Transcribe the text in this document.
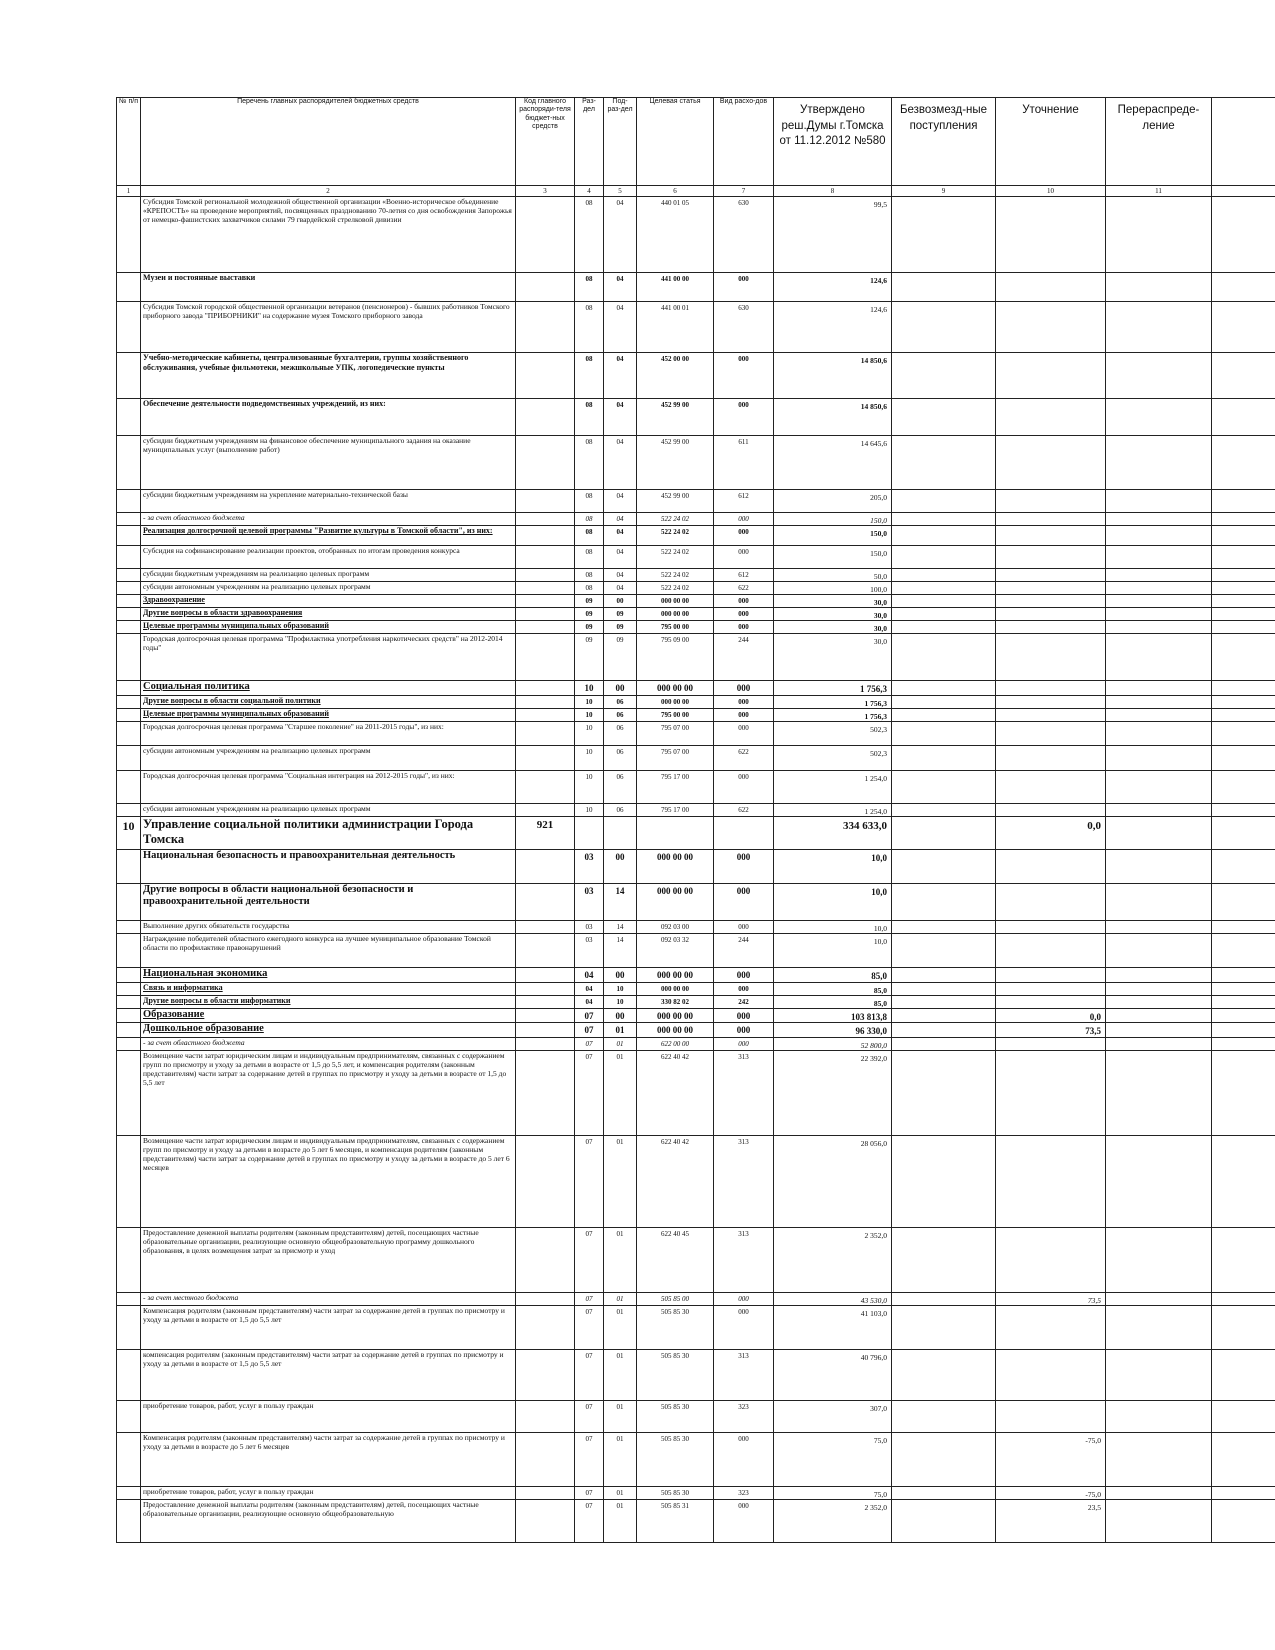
№ п/п	Перечень главных распорядителей бюджетных средств	Код главного распоряди-теля бюджет-ных средств	Раз-дел	Под-раз-дел	Целевая статья	Вид расхо-дов	Утверждено реш.Думы г.Томска от 11.12.2012 №580	Безвозмезд-ные поступления	Уточнение	Перераспреде-ление	
1	2	3	4	5	6	7	8	9	10	11	
	Субсидия Томской региональной молодежной общественной организации «Военно-историческое объединение «КРЕПОСТЬ» на проведение мероприятий, посвященных празднованию 70-летия со дня освобождения Запорожья от немецко-фашистских захватчиков силами 79 гвардейской стрелковой дивизии		08	04	440 01 05	630	99,5				
	Музеи и постоянные выставки		08	04	441 00 00	000	124,6				
	Субсидия Томской городской общественной организации ветеранов (пенсионеров) - бывших работников Томского приборного завода "ПРИБОРНИКИ" на содержание музея Томского приборного завода		08	04	441 00 01	630	124,6				
	Учебно-методические кабинеты, централизованные бухгалтерии, группы хозяйственного обслуживания, учебные фильмотеки, межшкольные УПК, логопедические пункты		08	04	452 00 00	000	14 850,6				
	Обеспечение деятельности подведомственных учреждений, из них:		08	04	452 99 00	000	14 850,6				
	субсидии бюджетным учреждениям на финансовое обеспечение муниципального задания на оказание муниципальных услуг (выполнение работ)		08	04	452 99 00	611	14 645,6				
	субсидии бюджетным учреждениям на укрепление материально-технической базы		08	04	452 99 00	612	205,0				
	- за счет областного бюджета		08	04	522 24 02	000	150,0				
	Реализация долгосрочной целевой программы "Развитие культуры в Томской области", из них:		08	04	522 24 02	000	150,0				
	Субсидия на софинансирование реализации проектов, отобранных по итогам проведения конкурса		08	04	522 24 02	000	150,0				
	субсидии бюджетным учреждениям на реализацию целевых программ		08	04	522 24 02	612	50,0				
	субсидии автономным учреждениям на реализацию целевых программ		08	04	522 24 02	622	100,0				
	Здравоохранение		09	00	000 00 00	000	30,0				
	Другие вопросы в области здравоохранения		09	09	000 00 00	000	30,0				
	Целевые программы муниципальных образований		09	09	795 00 00	000	30,0				
	Городская долгосрочная целевая программа "Профилактика употребления наркотических средств" на 2012-2014 годы"		09	09	795 09 00	244	30,0				
	Социальная политика		10	00	000 00 00	000	1 756,3				
	Другие вопросы в области социальной политики		10	06	000 00 00	000	1 756,3				
	Целевые программы муниципальных образований		10	06	795 00 00	000	1 756,3				
	Городская долгосрочная целевая программа "Старшее поколение" на 2011-2015 годы", из них:		10	06	795 07 00	000	502,3				
	субсидии автономным учреждениям на реализацию целевых программ		10	06	795 07 00	622	502,3				
	Городская долгосрочная целевая программа "Социальная интеграция на 2012-2015 годы", из них:		10	06	795 17 00	000	1 254,0				
	субсидии автономным учреждениям на реализацию целевых программ		10	06	795 17 00	622	1 254,0				
10	Управление социальной политики администрации Города Томска	921					334 633,0		0,0		
	Национальная безопасность и правоохранительная деятельность		03	00	000 00 00	000	10,0				
	Другие вопросы в области национальной безопасности и правоохранительной деятельности		03	14	000 00 00	000	10,0				
	Выполнение других обязательств государства		03	14	092 03 00	000	10,0				
	Награждение победителей областного ежегодного конкурса на лучшее муниципальное образование Томской области по профилактике правонарушений		03	14	092 03 32	244	10,0				
	Национальная экономика		04	00	000 00 00	000	85,0				
	Связь и информатика		04	10	000 00 00	000	85,0				
	Другие вопросы в области информатики		04	10	330 82 02	242	85,0				
	Образование		07	00	000 00 00	000	103 813,8		0,0		
	Дошкольное образование		07	01	000 00 00	000	96 330,0		73,5		
	- за счет областного бюджета		07	01	622 00 00	000	52 800,0				
	Возмещение части затрат юридическим лицам и индивидуальным предпринимателям, связанных с содержанием групп по присмотру и уходу за детьми в возрасте от 1,5 до 5,5 лет, и компенсация родителям (законным представителям) части затрат за содержание детей в группах по присмотру и уходу за детьми в возрасте от 1,5 до 5,5 лет		07	01	622 40 42	313	22 392,0				
	Возмещение части затрат юридическим лицам и индивидуальным предпринимателям, связанных с содержанием групп по присмотру и уходу за детьми в возрасте до 5 лет 6 месяцев, и компенсация родителям (законным представителям) части затрат за содержание детей в группах по присмотру и уходу за детьми в возрасте до 5 лет 6 месяцев		07	01	622 40 42	313	28 056,0				
	Предоставление денежной выплаты родителям (законным представителям) детей, посещающих частные образовательные организации, реализующие основную общеобразовательную программу дошкольного образования, в целях возмещения затрат за присмотр и уход		07	01	622 40 45	313	2 352,0				
	- за счет местного бюджета		07	01	505 85 00	000	43 530,0		73,5		
	Компенсация родителям (законным представителям) части затрат за содержание детей в группах по присмотру и уходу за детьми в возрасте от 1,5 до 5,5 лет		07	01	505 85 30	000	41 103,0				
	компенсация родителям (законным представителям) части затрат за содержание детей в группах по присмотру и уходу за детьми в возрасте от 1,5 до 5,5 лет		07	01	505 85 30	313	40 796,0				
	приобретение товаров, работ, услуг в пользу граждан		07	01	505 85 30	323	307,0				
	Компенсация родителям (законным представителям) части затрат за содержание детей в группах по присмотру и уходу за детьми в возрасте до 5 лет 6 месяцев		07	01	505 85 30	000	75,0		-75,0		
	приобретение товаров, работ, услуг в пользу граждан		07	01	505 85 30	323	75,0		-75,0		
	Предоставление денежной выплаты родителям (законным представителям) детей, посещающих частные образовательные организации, реализующие основную общеобразовательную		07	01	505 85 31	000	2 352,0		23,5		
